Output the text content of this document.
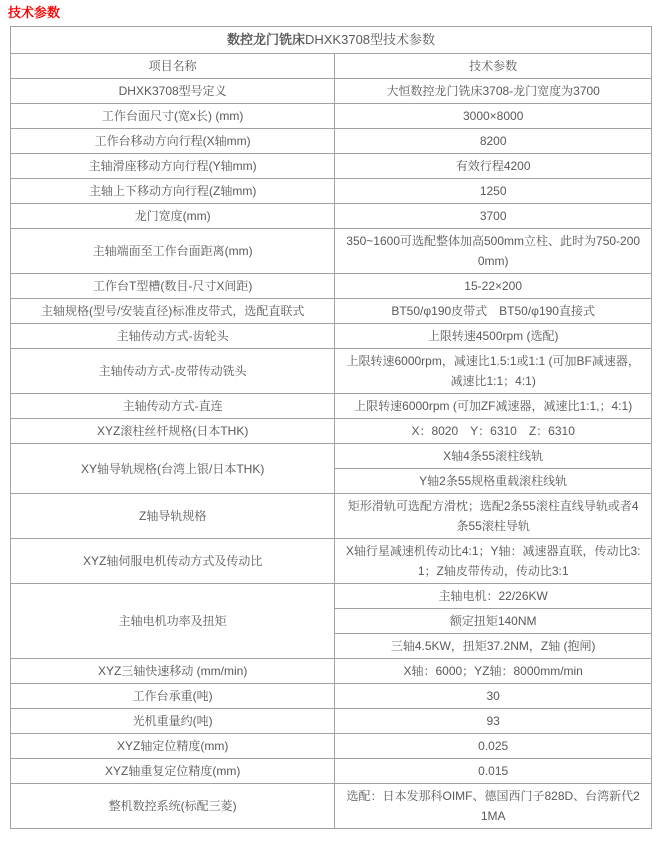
技术参数
数控龙门铣床DHXK3708型技术参数	
项目名称	技术参数
DHXK3708型号定义	大恒数控龙门铣床3708-龙门宽度为3700
工作台面尺寸(宽x长) (mm)	3000×8000
工作台移动方向行程(X轴mm)	8200
主轴滑座移动方向行程(Y轴mm)	有效行程4200
主轴上下移动方向行程(Z轴mm)	1250
龙门宽度(mm)	3700
主轴端面至工作台面距离(mm)	350~1600可选配整体加高500mm立柱、此时为750-2000mm)
工作台T型槽(数目-尺寸X间距)	15-22×200
主轴规格(型号/安装直径)标准皮带式，选配直联式	BT50/φ190皮带式　BT50/φ190直接式
主轴传动方式-齿轮头	上限转速4500rpm (选配)
主轴传动方式-皮带传动铣头	上限转速6000rpm，减速比1.5:1或1:1 (可加BF减速器，减速比1:1；4:1)
主轴传动方式-直连	上限转速6000rpm (可加ZF减速器，减速比1:1,；4:1)
XYZ滚柱丝杆规格(日本THK)	X：8020　Y：6310　Z：6310
XY轴导轨规格(台湾上银/日本THK)	X轴4条55滚柱线轨
	Y轴2条55规格重载滚柱线轨
Z轴导轨规格	矩形滑轨可选配方滑枕；选配2条55滚柱直线导轨或者4条55滚柱导轨
XYZ轴伺服电机传动方式及传动比	X轴行星减速机传动比4:1；Y轴：减速器直联，传动比3:1；Z轴皮带传动，传动比3:1
主轴电机功率及扭矩	主轴电机：22/26KW
	额定扭矩140NM
	三轴4.5KW，扭矩37.2NM，Z轴 (抱闸)
XYZ三轴快速移动 (mm/min)	X轴：6000；YZ轴：8000mm/min
工作台承重(吨)	30
光机重量约(吨)	93
XYZ轴定位精度(mm)	0.025
XYZ轴重复定位精度(mm)	0.015
整机数控系统(标配三菱)	选配：日本发那科OIMF、德国西门子828D、台湾新代21MA
